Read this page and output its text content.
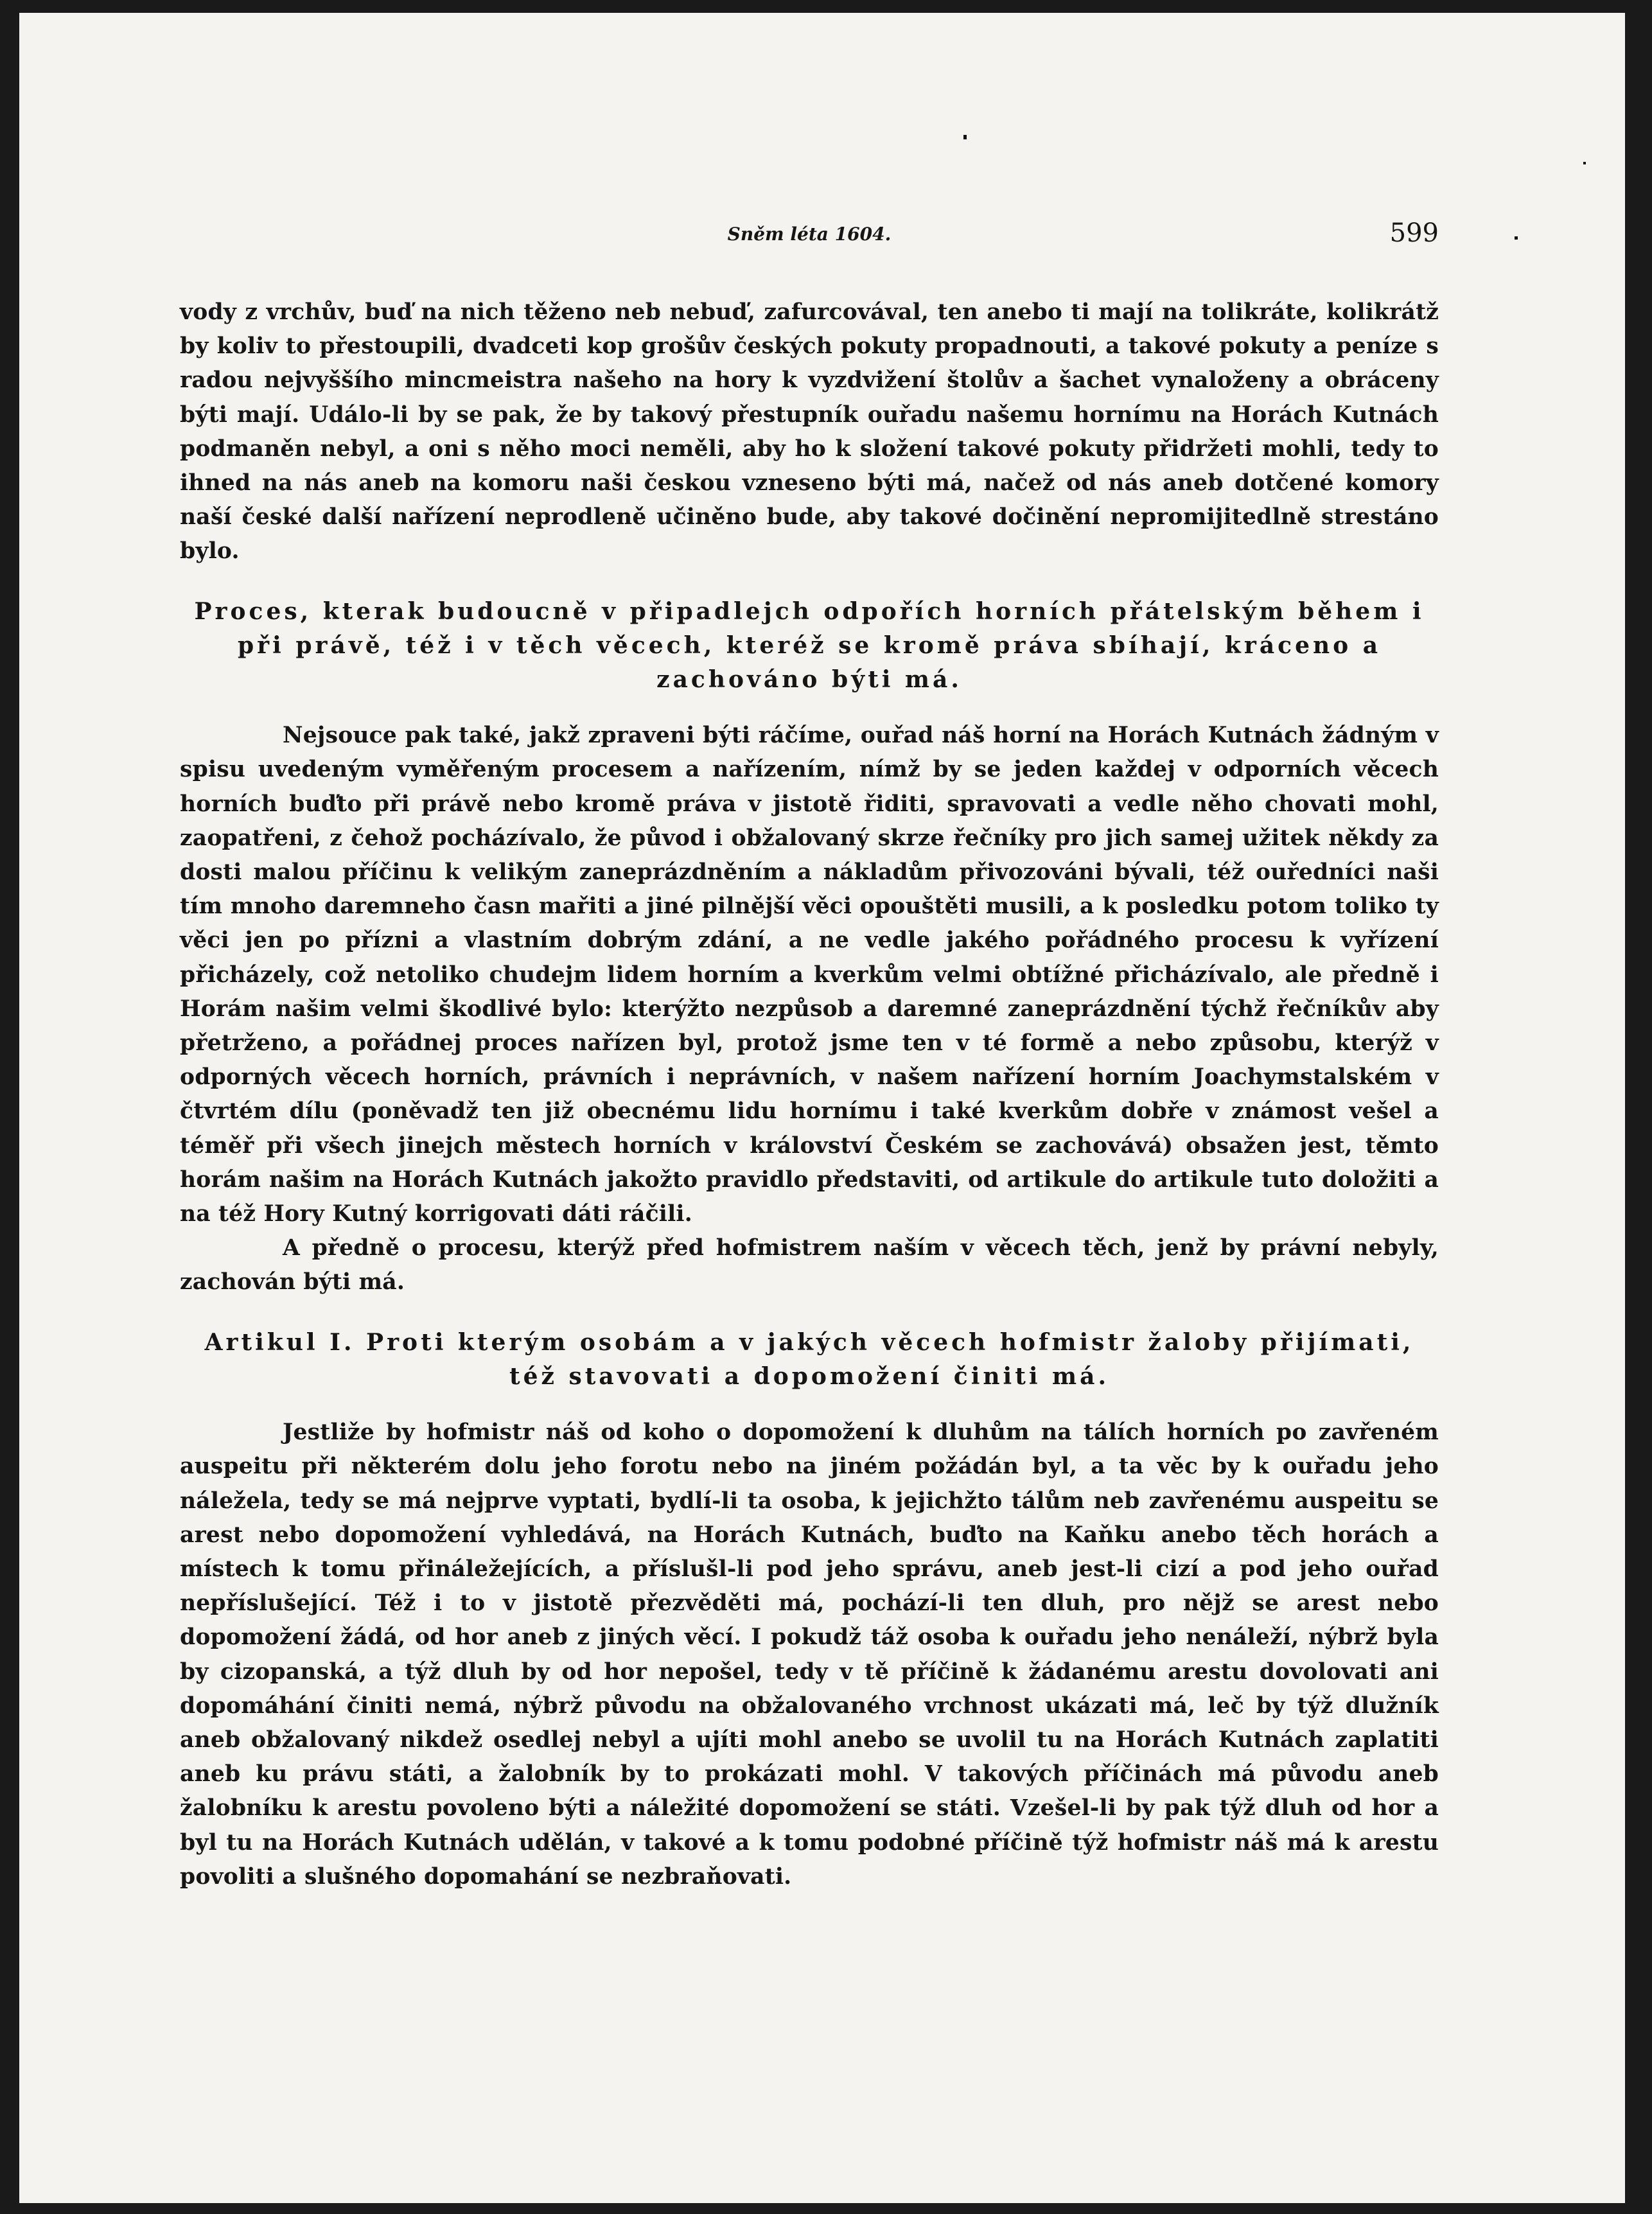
Sněm léta 1604.	599

vody z vrchův, buď na nich těženo neb nebuď, zafurcovával, ten anebo ti mají na tolikráte, kolikrátž by koliv to přestoupili, dvadceti kop grošův českých pokuty propadnouti, a takové pokuty a peníze s radou nejvyššího mincmeistra našeho na hory k vyzdvižení štolův a šachet vynaloženy a obráceny býti mají. Událo-li by se pak, že by takový přestupník ouřadu našemu hornímu na Horách Kutnách podmaněn nebyl, a oni s něho moci neměli, aby ho k složení takové pokuty přidržeti mohli, tedy to ihned na nás aneb na komoru naši českou vzneseno býti má, načež od nás aneb dotčené komory naší české další nařízení neprodleně učiněno bude, aby takové dočinění nepromijitedlně strestáno bylo.

Proces, kterak budoucně v připadlejch odpořích horních přátelským během i při právě, též i v těch věcech, kteréž se kromě práva sbíhají, kráceno a zachováno býti má.

Nejsouce pak také, jakž zpraveni býti ráčíme, ouřad náš horní na Horách Kutnách žádným v spisu uvedeným vyměřeným procesem a nařízením, nímž by se jeden každej v odporních věcech horních buďto při právě nebo kromě práva v jistotě řiditi, spravovati a vedle něho chovati mohl, zaopatřeni, z čehož pocházívalo, že původ i obžalovaný skrze řečníky pro jich samej užitek někdy za dosti malou příčinu k velikým zaneprázdněním a nákladům přivozováni bývali, též ouředníci naši tím mnoho daremneho časn mařiti a jiné pilnější věci opouštěti musili, a k posledku potom toliko ty věci jen po přízni a vlastním dobrým zdání, a ne vedle jakého pořádného procesu k vyřízení přicházely, což netoliko chudejm lidem horním a kverkům velmi obtížné přicházívalo, ale předně i Horám našim velmi škodlivé bylo: kterýžto nezpůsob a daremné zaneprázdnění týchž řečníkův aby přetrženo, a pořádnej proces nařízen byl, protož jsme ten v té formě a nebo způsobu, kterýž v odporných věcech horních, právních i neprávních, v našem nařízení horním Joachymstalském v čtvrtém dílu (poněvadž ten již obecnému lidu hornímu i také kverkům dobře v známost vešel a téměř při všech jinejch městech horních v království Českém se zachovává) obsažen jest, těmto horám našim na Horách Kutnách jakožto pravidlo představiti, od artikule do artikule tuto doložiti a na též Hory Kutný korrigovati dáti ráčili.

A předně o procesu, kterýž před hofmistrem naším v věcech těch, jenž by právní nebyly, zachován býti má.

Artikul I. Proti kterým osobám a v jakých věcech hofmistr žaloby přijímati, též stavovati a dopomožení činiti má.

Jestliže by hofmistr náš od koho o dopomožení k dluhům na tálích horních po zavřeném auspeitu při některém dolu jeho forotu nebo na jiném požádán byl, a ta věc by k ouřadu jeho náležela, tedy se má nejprve vyptati, bydlí-li ta osoba, k jejichžto tálům neb zavřenému auspeitu se arest nebo dopomožení vyhledává, na Horách Kutnách, buďto na Kaňku anebo těch horách a místech k tomu přináležejících, a příslušl-li pod jeho správu, aneb jest-li cizí a pod jeho ouřad nepříslušející. Též i to v jistotě přezvěděti má, pochází-li ten dluh, pro nějž se arest nebo dopomožení žádá, od hor aneb z jiných věcí. I pokudž táž osoba k ouřadu jeho nenáleží, nýbrž byla by cizopanská, a týž dluh by od hor nepošel, tedy v tě příčině k žádanému arestu dovolovati ani dopomáhání činiti nemá, nýbrž původu na obžalovaného vrchnost ukázati má, leč by týž dlužník aneb obžalovaný nikdež osedlej nebyl a ujíti mohl anebo se uvolil tu na Horách Kutnách zaplatiti aneb ku právu státi, a žalobník by to prokázati mohl. V takových příčinách má původu aneb žalobníku k arestu povoleno býti a náležité dopomožení se státi. Vzešel-li by pak týž dluh od hor a byl tu na Horách Kutnách udělán, v takové a k tomu podobné příčině týž hofmistr náš má k arestu povoliti a slušného dopomahání se nezbraňovati.
